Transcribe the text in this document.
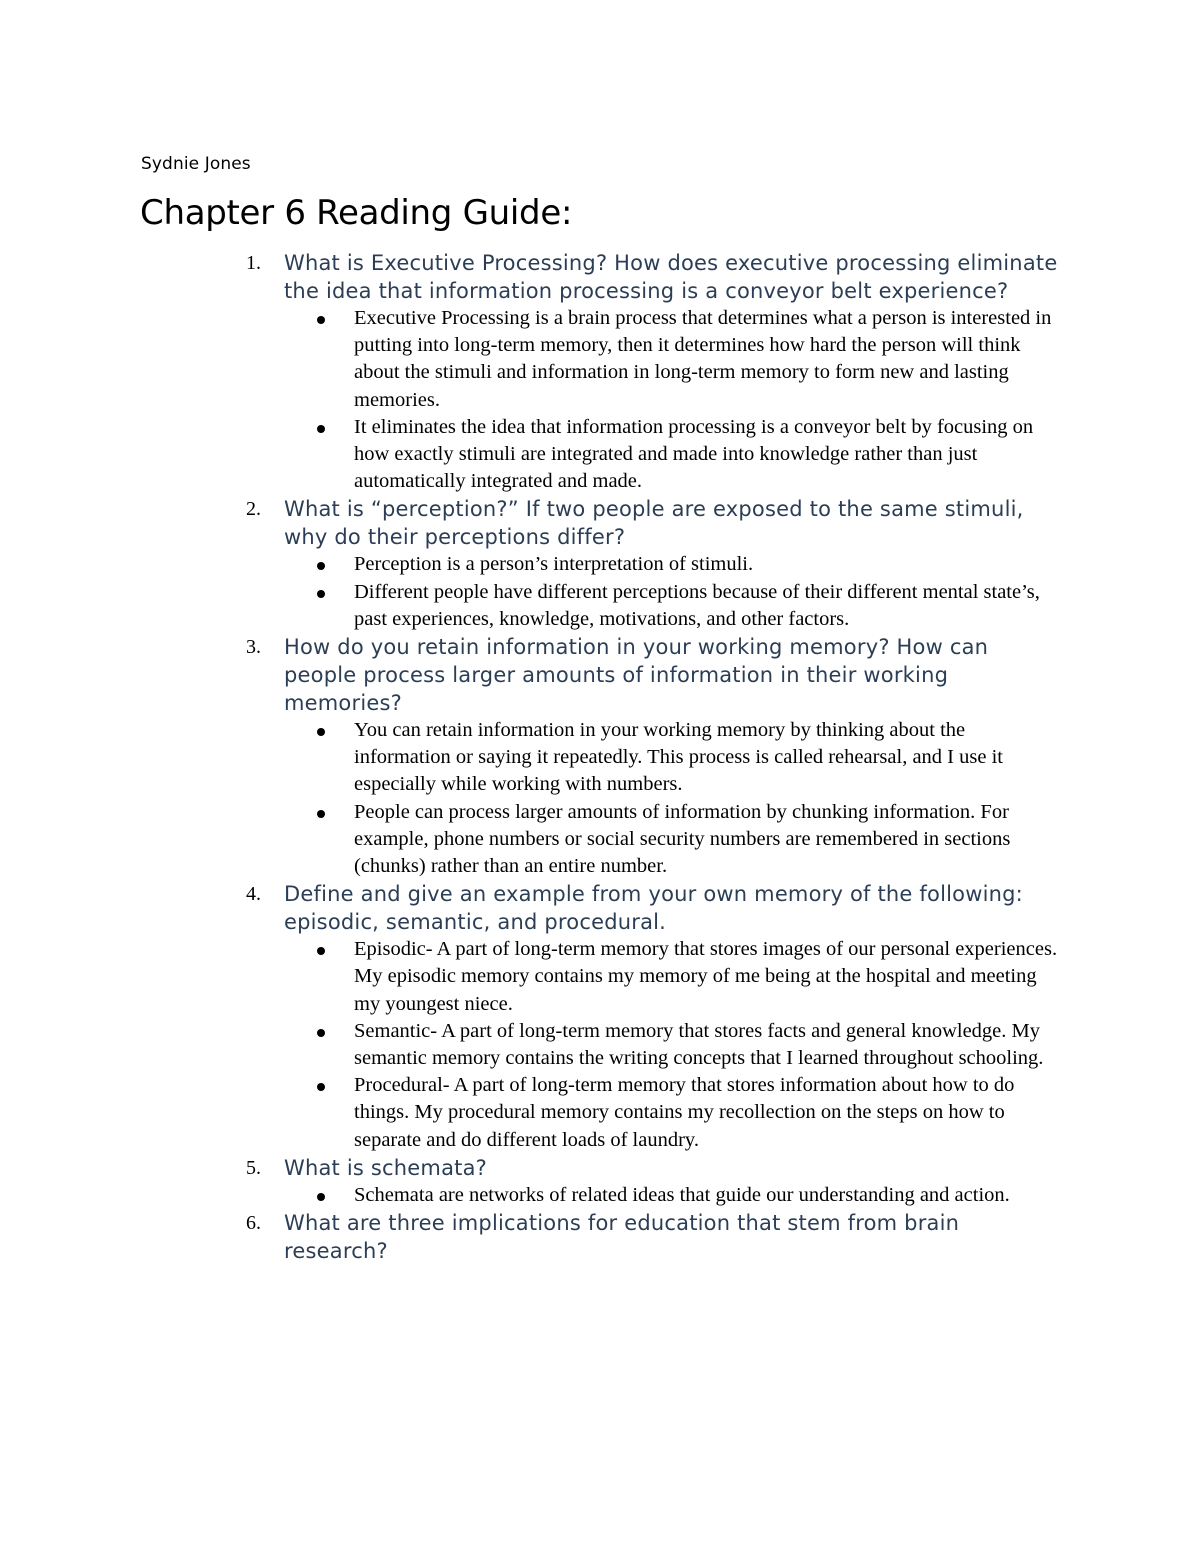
Sydnie Jones
Chapter 6 Reading Guide:
1. What is Executive Processing? How does executive processing eliminate the idea that information processing is a conveyor belt experience?
Executive Processing is a brain process that determines what a person is interested in putting into long-term memory, then it determines how hard the person will think about the stimuli and information in long-term memory to form new and lasting memories.
It eliminates the idea that information processing is a conveyor belt by focusing on how exactly stimuli are integrated and made into knowledge rather than just automatically integrated and made.
2. What is “perception?” If two people are exposed to the same stimuli, why do their perceptions differ?
Perception is a person’s interpretation of stimuli.
Different people have different perceptions because of their different mental state’s, past experiences, knowledge, motivations, and other factors.
3. How do you retain information in your working memory? How can people process larger amounts of information in their working memories?
You can retain information in your working memory by thinking about the information or saying it repeatedly. This process is called rehearsal, and I use it especially while working with numbers.
People can process larger amounts of information by chunking information. For example, phone numbers or social security numbers are remembered in sections (chunks) rather than an entire number.
4. Define and give an example from your own memory of the following: episodic, semantic, and procedural.
Episodic- A part of long-term memory that stores images of our personal experiences. My episodic memory contains my memory of me being at the hospital and meeting my youngest niece.
Semantic- A part of long-term memory that stores facts and general knowledge. My semantic memory contains the writing concepts that I learned throughout schooling.
Procedural- A part of long-term memory that stores information about how to do things. My procedural memory contains my recollection on the steps on how to separate and do different loads of laundry.
5. What is schemata?
Schemata are networks of related ideas that guide our understanding and action.
6. What are three implications for education that stem from brain research?
